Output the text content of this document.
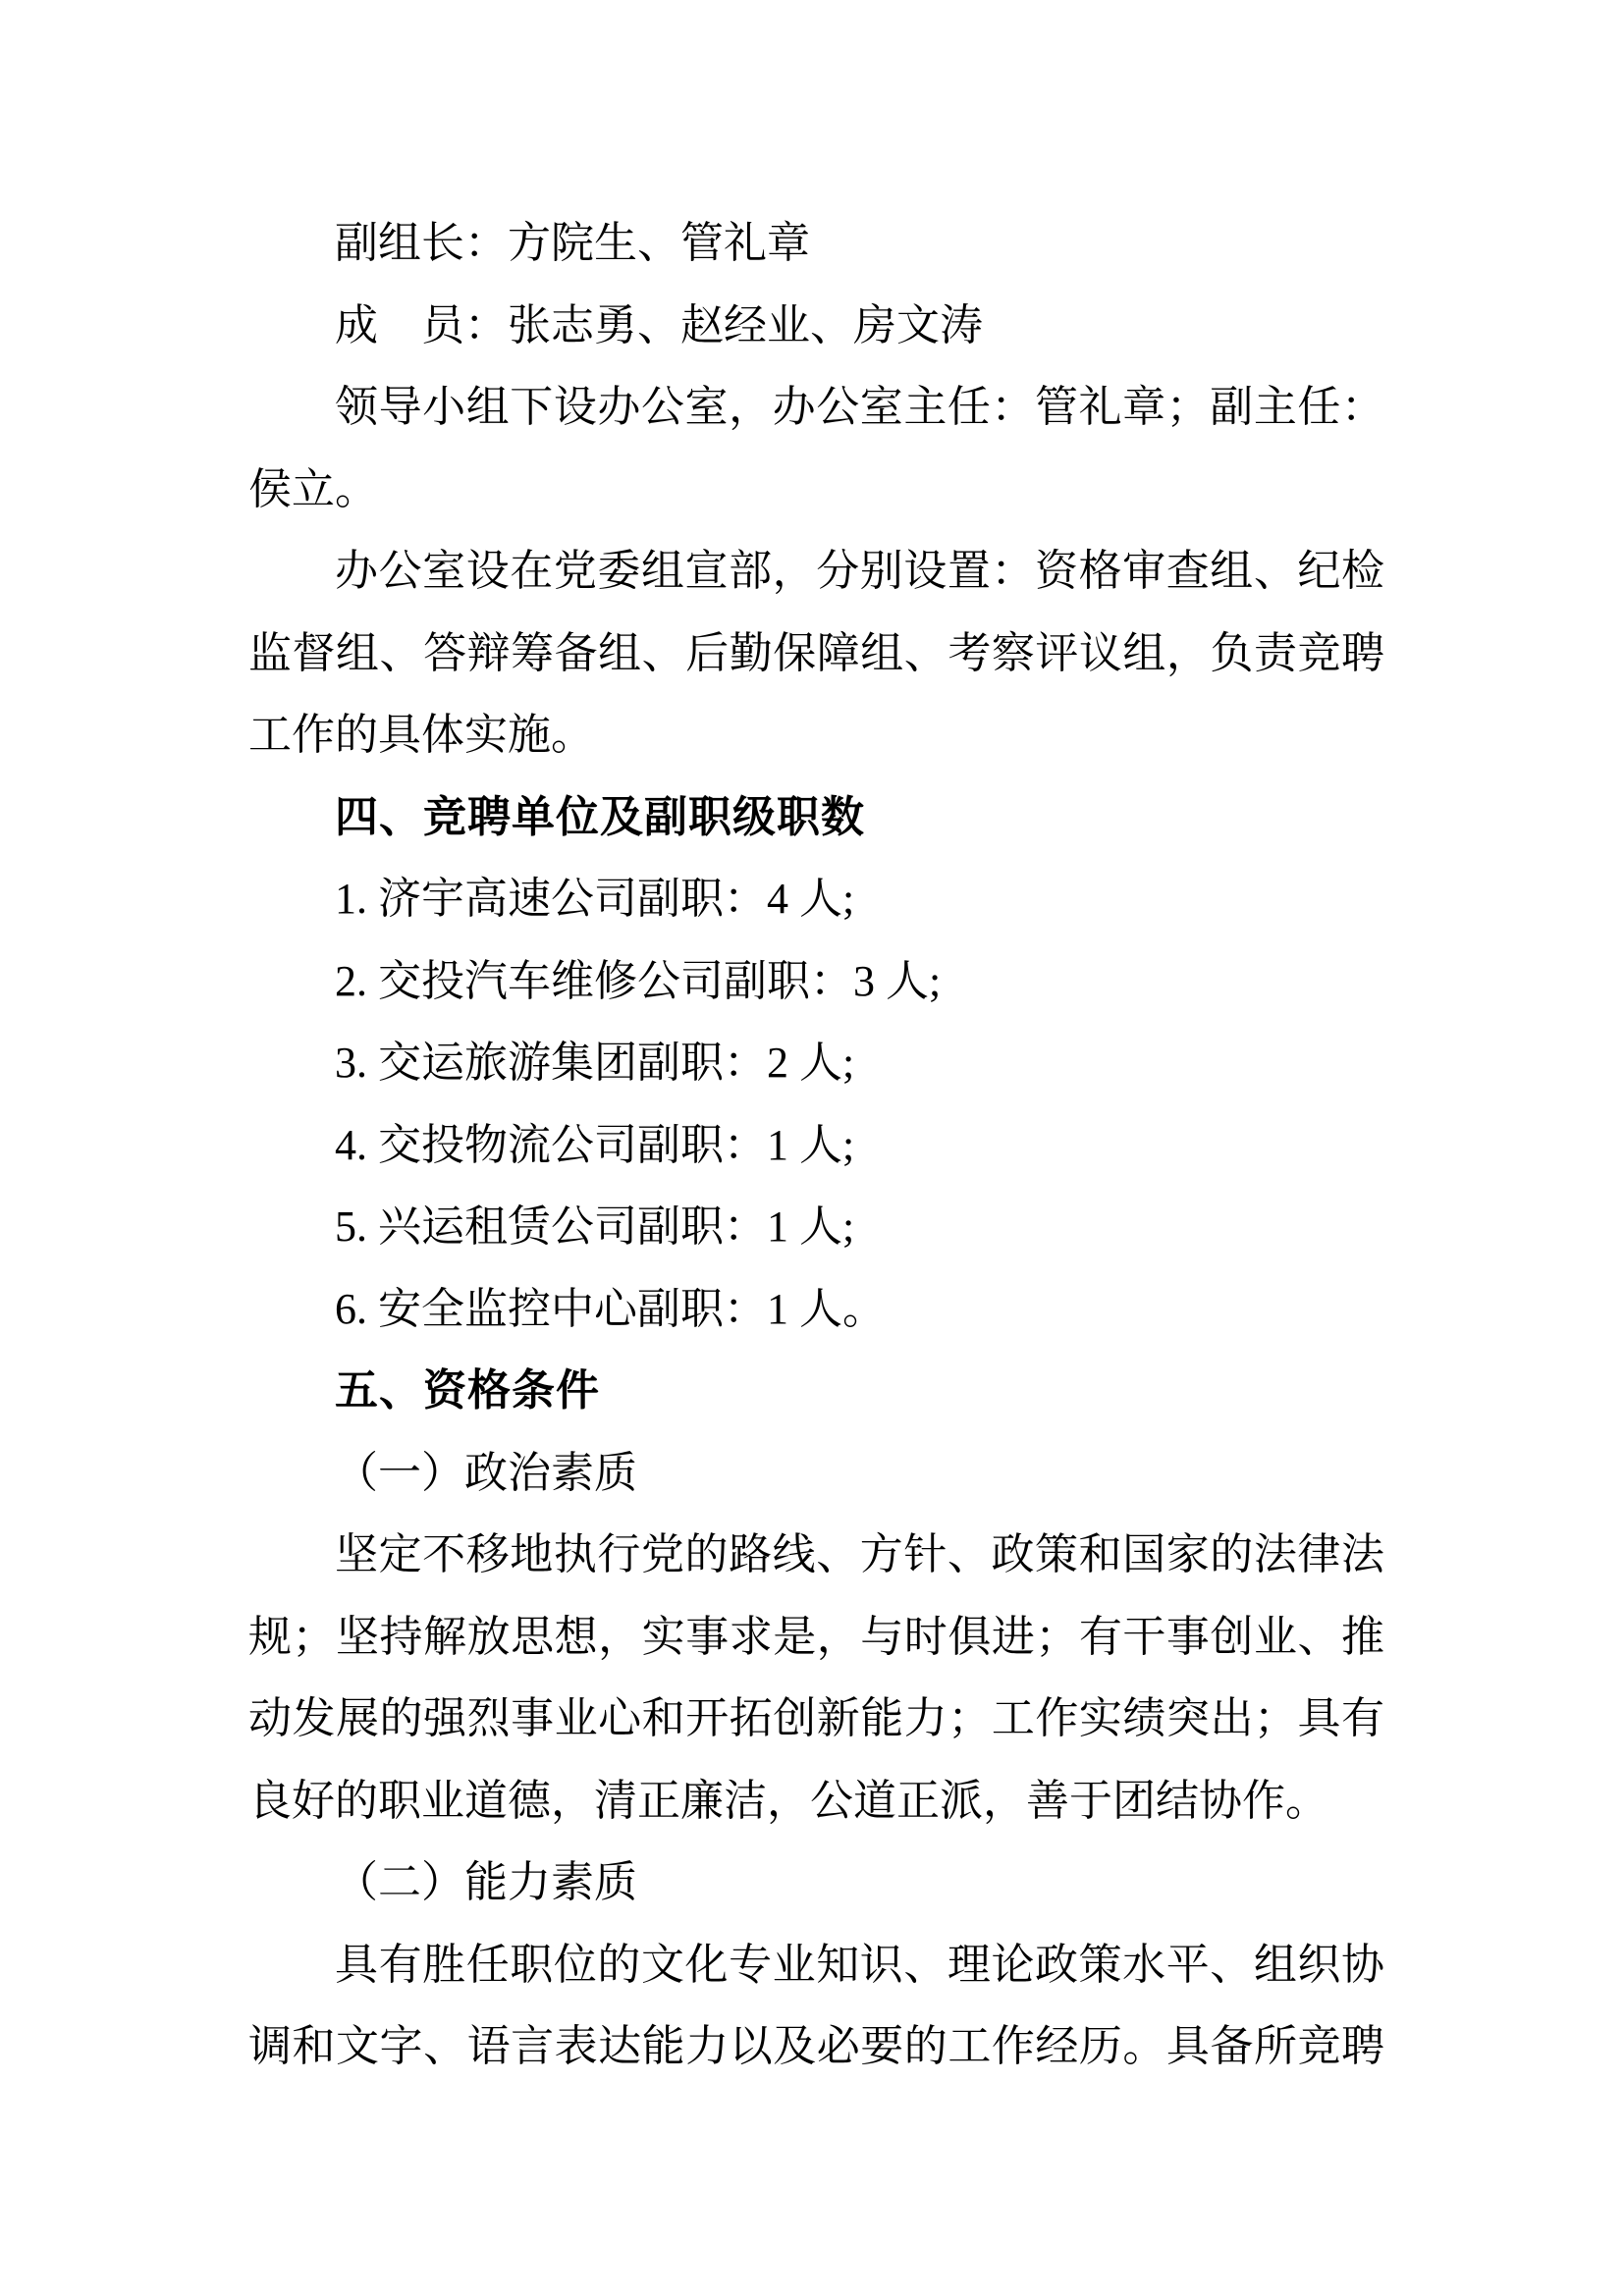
副组长：方院生、管礼章
成　员：张志勇、赵经业、房文涛
领导小组下设办公室，办公室主任：管礼章；副主任：
侯立。
办公室设在党委组宣部，分别设置：资格审查组、纪检
监督组、答辩筹备组、后勤保障组、考察评议组，负责竞聘
工作的具体实施。
四、竞聘单位及副职级职数
1. 济宇高速公司副职：4 人;
2. 交投汽车维修公司副职：3 人;
3. 交运旅游集团副职：2 人;
4. 交投物流公司副职：1 人;
5. 兴运租赁公司副职：1 人;
6. 安全监控中心副职：1 人。
五、资格条件
（一）政治素质
坚定不移地执行党的路线、方针、政策和国家的法律法
规；坚持解放思想，实事求是，与时俱进；有干事创业、推
动发展的强烈事业心和开拓创新能力；工作实绩突出；具有
良好的职业道德，清正廉洁，公道正派，善于团结协作。
（二）能力素质
具有胜任职位的文化专业知识、理论政策水平、组织协
调和文字、语言表达能力以及必要的工作经历。具备所竞聘
